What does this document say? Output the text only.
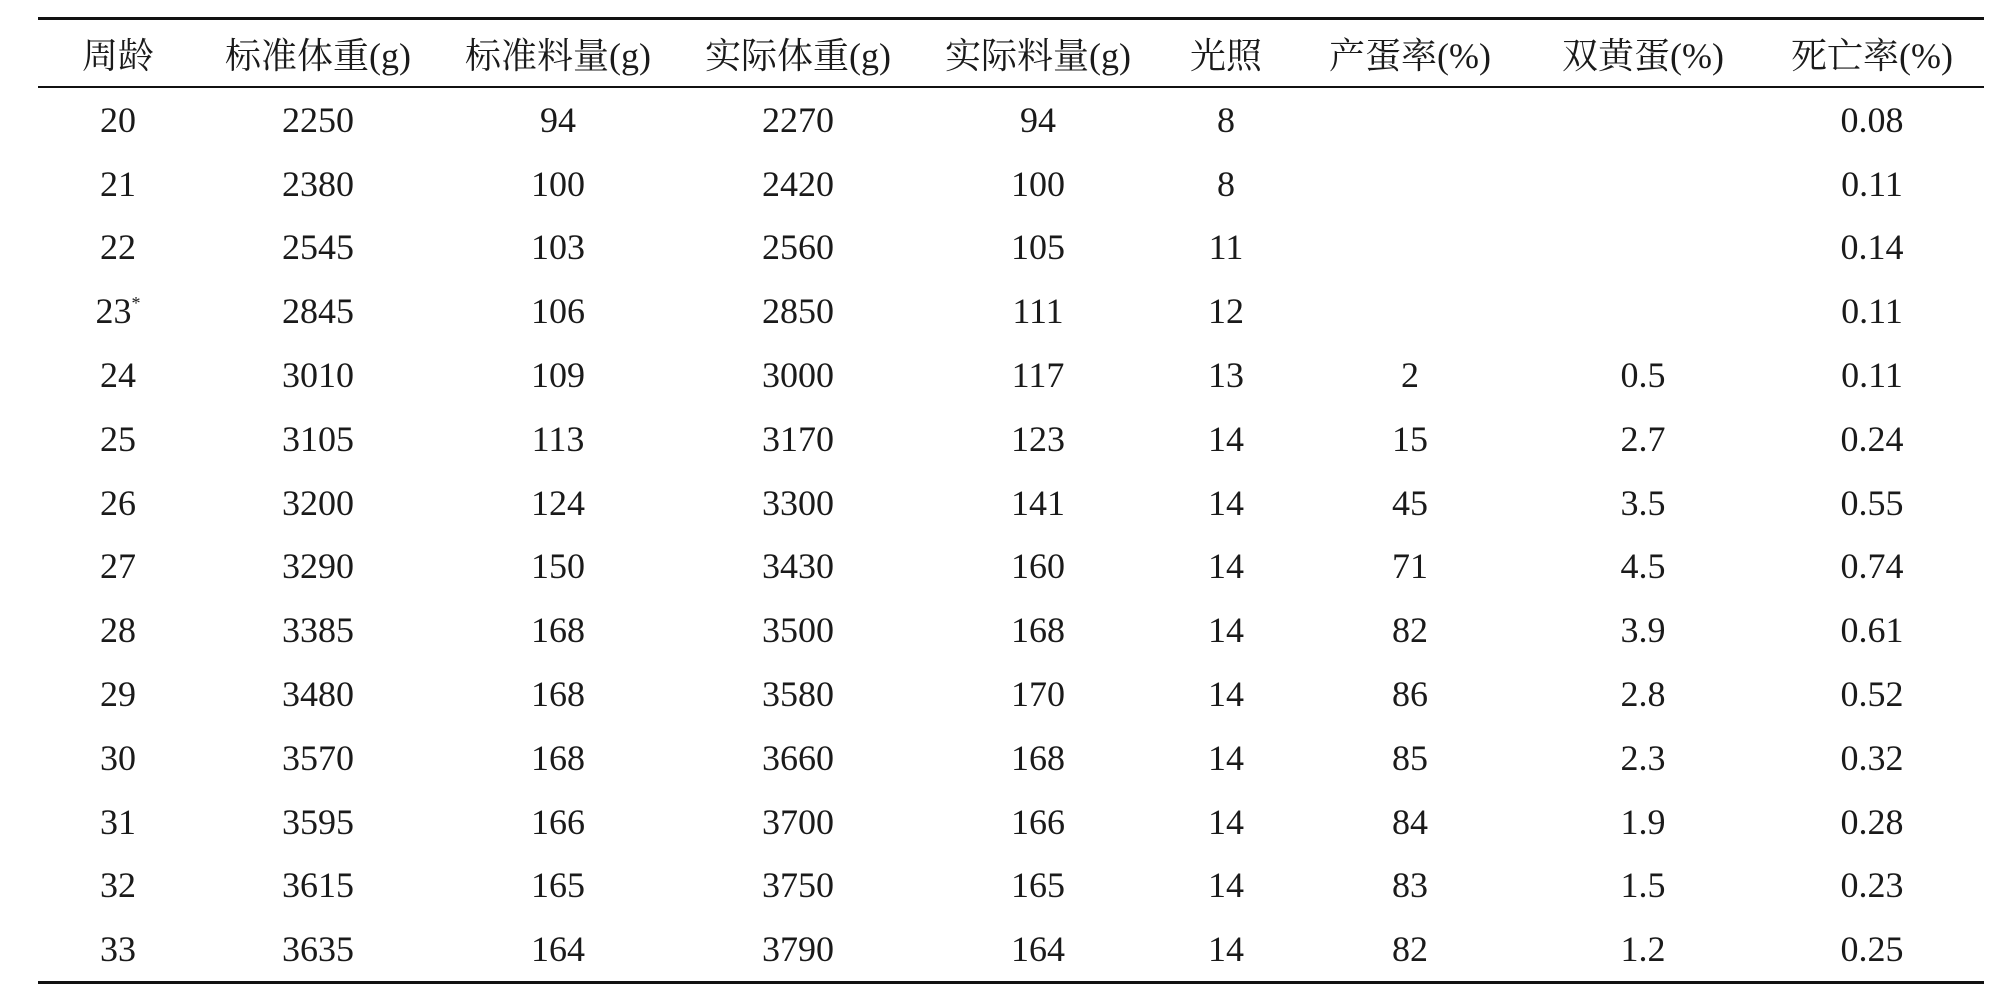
周龄	标准体重(g)	标准料量(g)	实际体重(g)	实际料量(g)	光照	产蛋率(%)	双黄蛋(%)	死亡率(%)
20	2250	94	2270	94	8			0.08
21	2380	100	2420	100	8			0.11
22	2545	103	2560	105	11			0.14
23*	2845	106	2850	111	12			0.11
24	3010	109	3000	117	13	2	0.5	0.11
25	3105	113	3170	123	14	15	2.7	0.24
26	3200	124	3300	141	14	45	3.5	0.55
27	3290	150	3430	160	14	71	4.5	0.74
28	3385	168	3500	168	14	82	3.9	0.61
29	3480	168	3580	170	14	86	2.8	0.52
30	3570	168	3660	168	14	85	2.3	0.32
31	3595	166	3700	166	14	84	1.9	0.28
32	3615	165	3750	165	14	83	1.5	0.23
33	3635	164	3790	164	14	82	1.2	0.25
